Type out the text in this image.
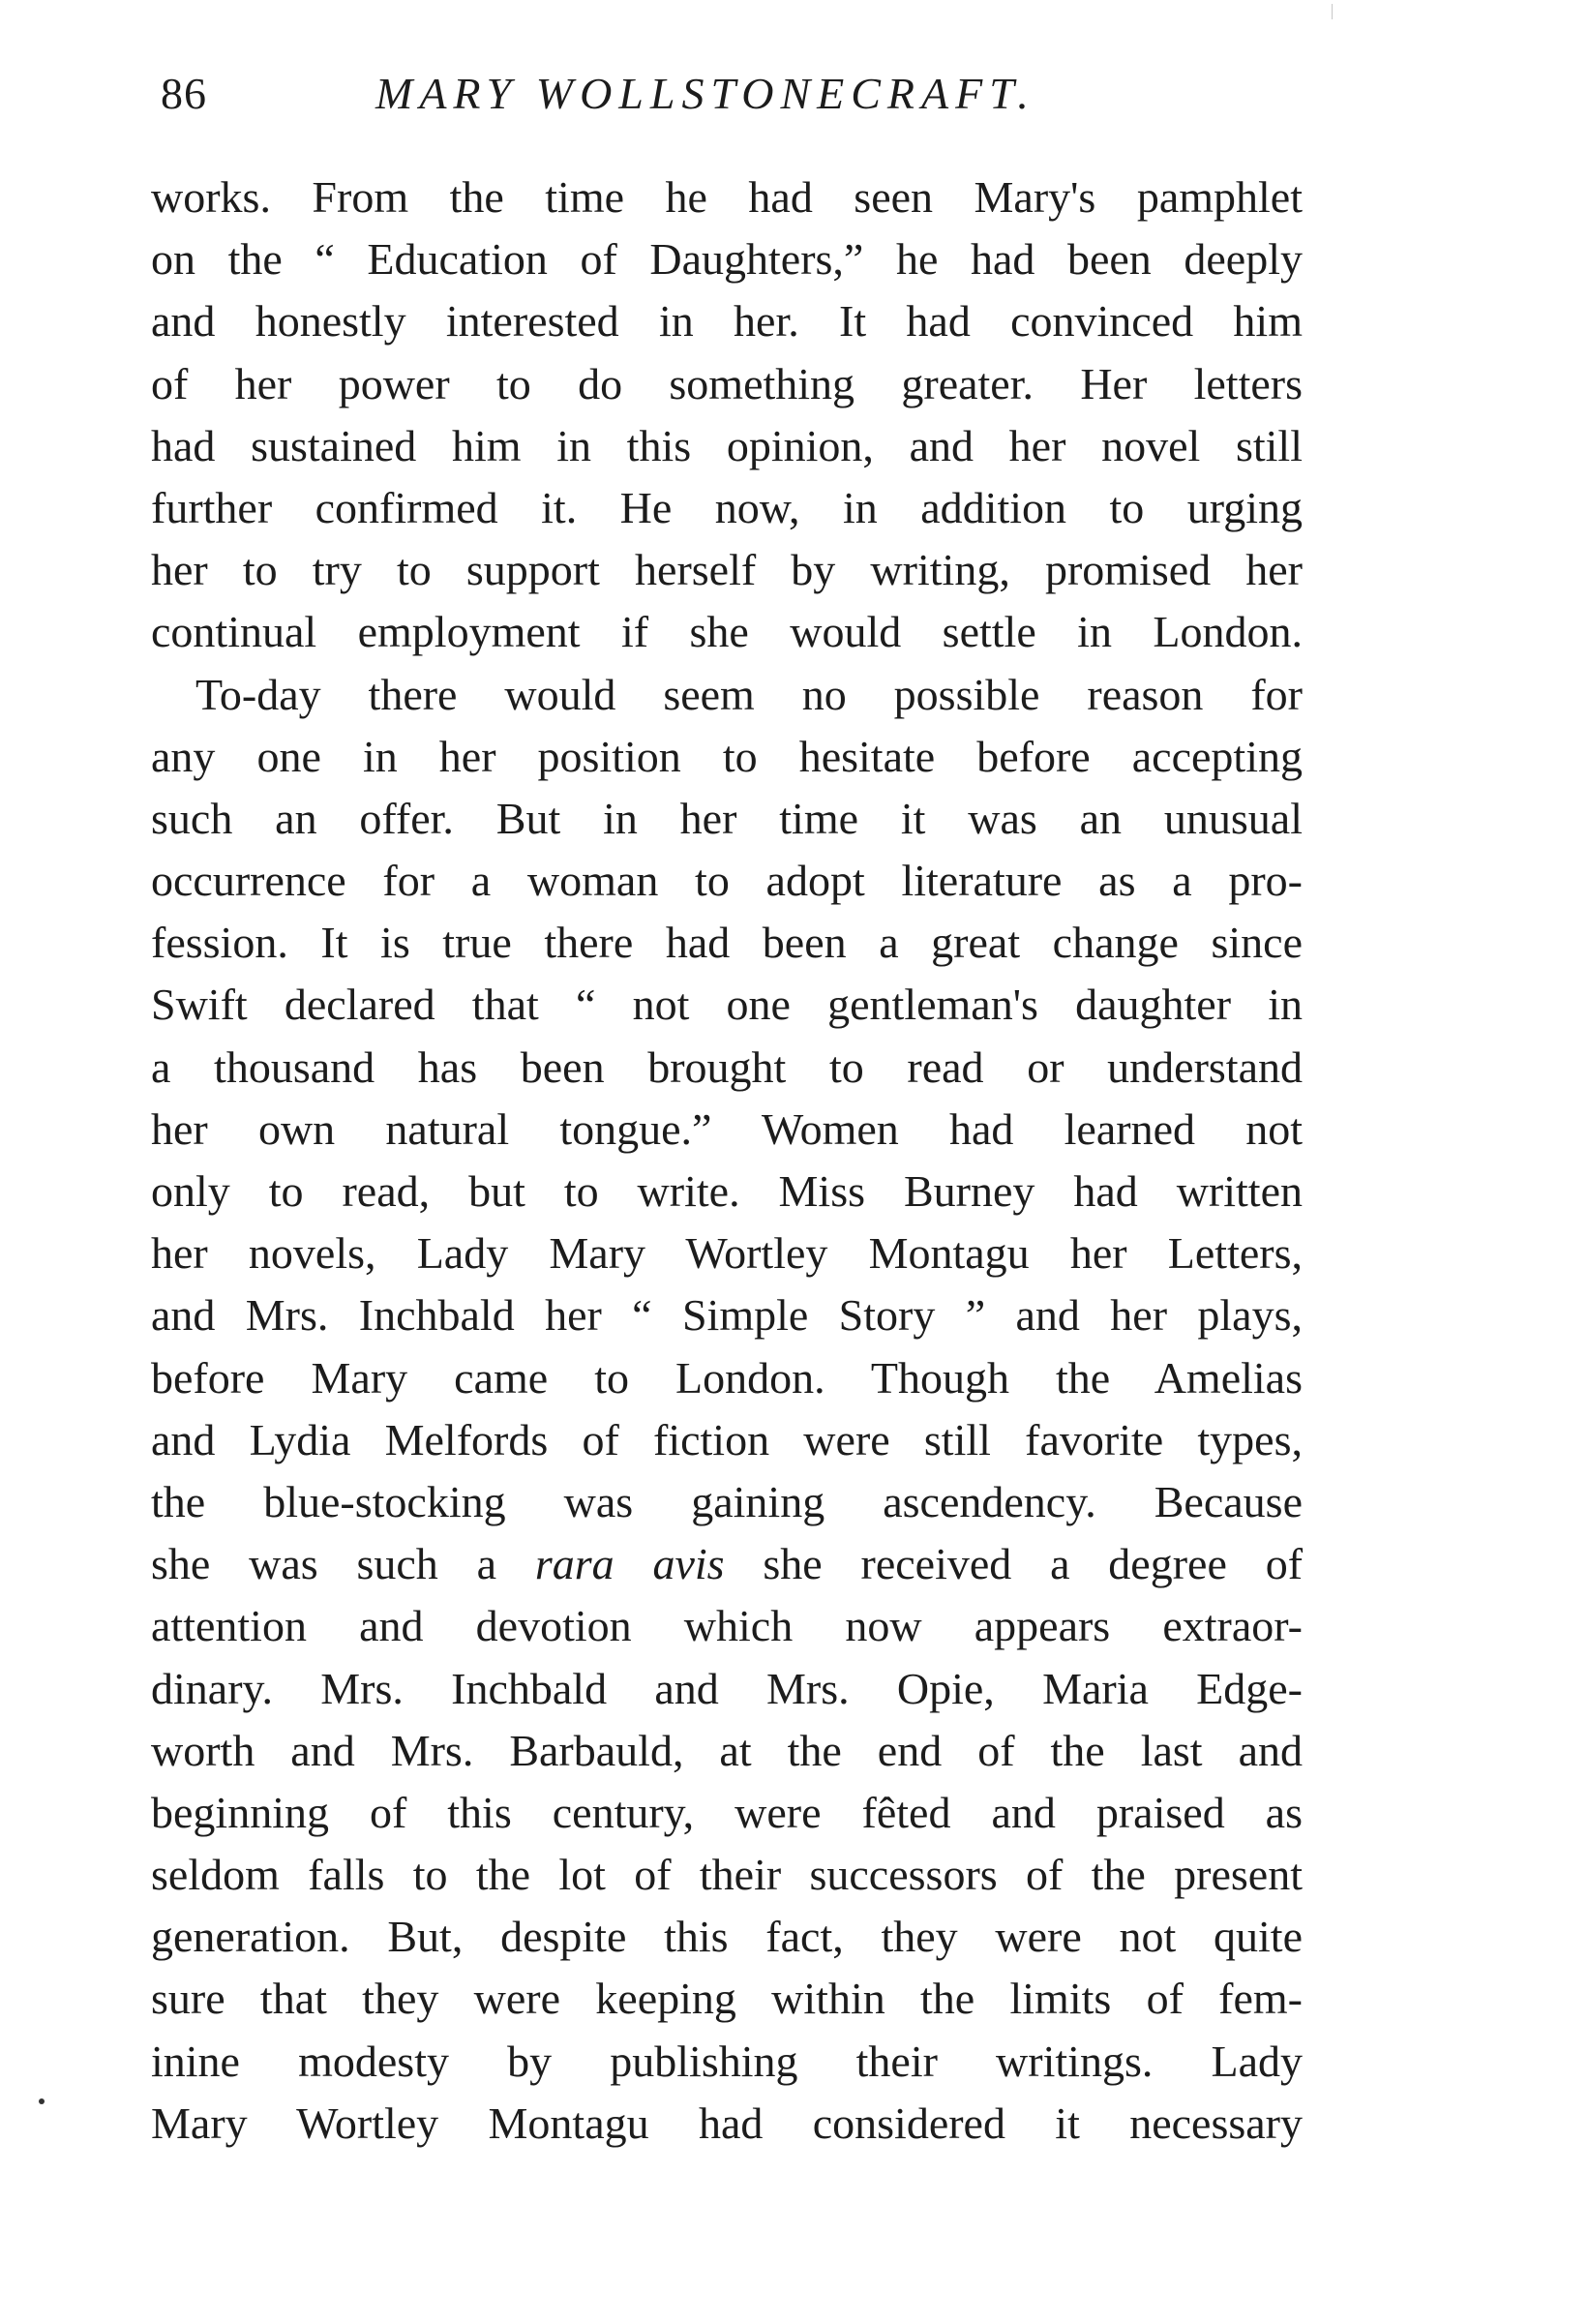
86	MARY WOLLSTONECRAFT.
works. From the time he had seen Mary's pamphlet
on the “ Education of Daughters,” he had been deeply
and honestly interested in her. It had convinced him
of her power to do something greater. Her letters
had sustained him in this opinion, and her novel still
further confirmed it. He now, in addition to urging
her to try to support herself by writing, promised her
continual employment if she would settle in London.
To-day there would seem no possible reason for
any one in her position to hesitate before accepting
such an offer. But in her time it was an unusual
occurrence for a woman to adopt literature as a pro-
fession. It is true there had been a great change since
Swift declared that “ not one gentleman's daughter in
a thousand has been brought to read or understand
her own natural tongue.” Women had learned not
only to read, but to write. Miss Burney had written
her novels, Lady Mary Wortley Montagu her Letters,
and Mrs. Inchbald her “ Simple Story ” and her plays,
before Mary came to London. Though the Amelias
and Lydia Melfords of fiction were still favorite types,
the blue-stocking was gaining ascendency. Because
she was such a rara avis she received a degree of
attention and devotion which now appears extraor-
dinary. Mrs. Inchbald and Mrs. Opie, Maria Edge-
worth and Mrs. Barbauld, at the end of the last and
beginning of this century, were fêted and praised as
seldom falls to the lot of their successors of the present
generation. But, despite this fact, they were not quite
sure that they were keeping within the limits of fem-
inine modesty by publishing their writings. Lady
Mary Wortley Montagu had considered it necessary
